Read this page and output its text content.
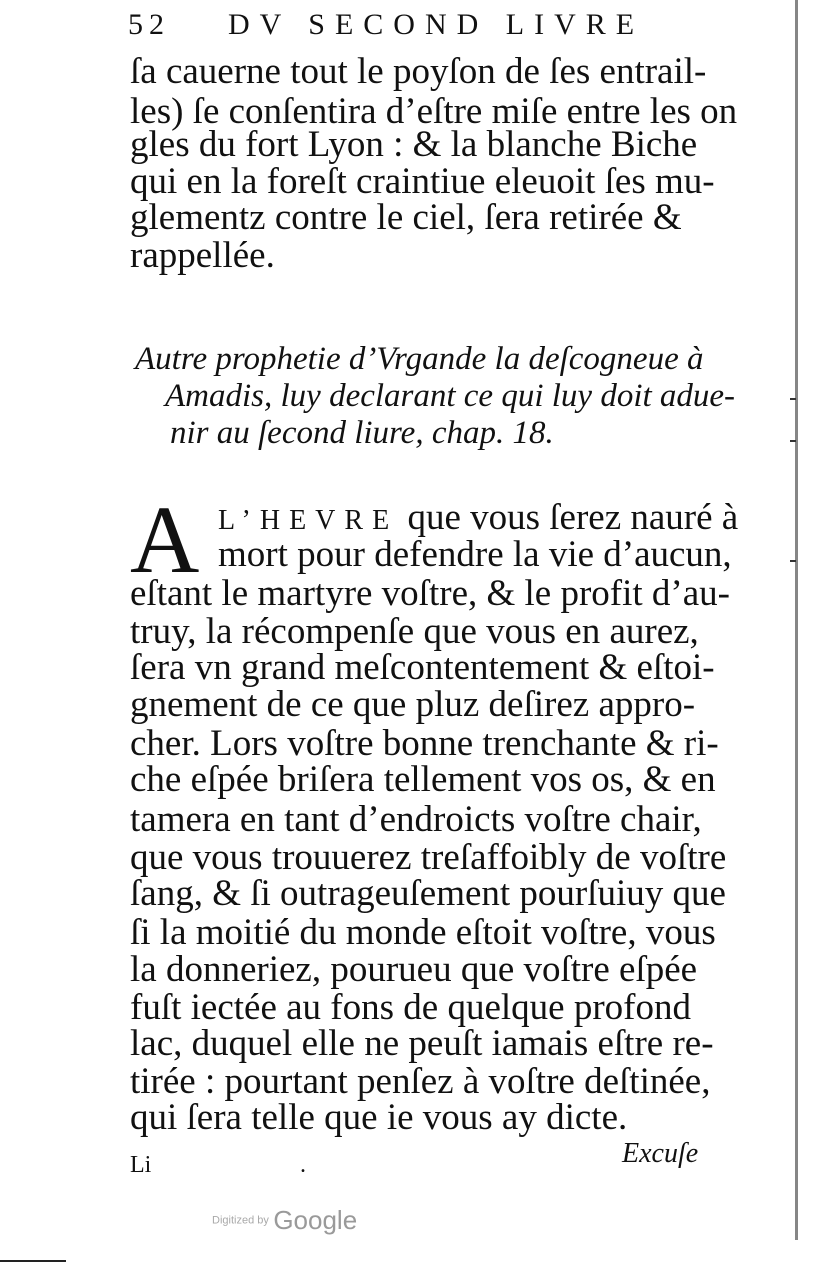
52 DV SECOND LIVRE
ſa cauerne tout le poyſon de ſes entrail-
les) ſe conſentira d’eſtre miſe entre les on
gles du fort Lyon : & la blanche Biche
qui en la foreſt craintiue eleuoit ſes mu-
glementz contre le ciel, ſera retirée &
rappellée.
Autre prophetie d’Vrgande la deſcogneue à
Amadis, luy declarant ce qui luy doit adue-
nir au ſecond liure, chap. 18.
A L’HEVRE que vous ſerez nauré à
mort pour defendre la vie d’aucun,
eſtant le martyre voſtre, & le profit d’au-
truy, la récompenſe que vous en aurez,
ſera vn grand meſcontentement & eſtoi-
gnement de ce que pluz deſirez appro-
cher. Lors voſtre bonne trenchante & ri-
che eſpée briſera tellement vos os, & en
tamera en tant d’endroicts voſtre chair,
que vous trouuerez treſaffoibly de voſtre
ſang, & ſi outrageuſement pourſuiuy que
ſi la moitié du monde eſtoit voſtre, vous
la donneriez, pourueu que voſtre eſpée
fuſt iectée au fons de quelque profond
lac, duquel elle ne peuſt iamais eſtre re-
tirée : pourtant penſez à voſtre deſtinée,
qui ſera telle que ie vous ay dicte.
Li	.	Excuſe
Digitized by Google
